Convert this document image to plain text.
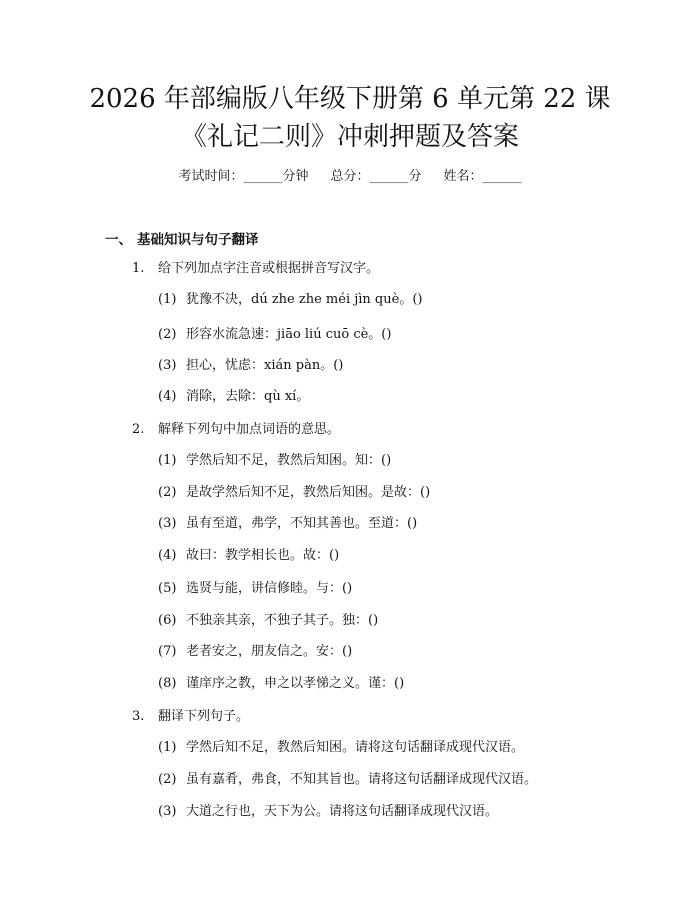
2026 年部编版八年级下册第 6 单元第 22 课
《礼记二则》冲刺押题及答案
考试时间：______分钟 总分：______分 姓名：______
一、 基础知识与句子翻译
1. 给下列加点字注音或根据拼音写汉字。
(1) 犹豫不决，dú zhe zhe méi jìn què。()
(2) 形容水流急速：jiāo liú cuō cè。()
(3) 担心，忧虑：xián pàn。()
(4) 消除，去除：qù xí。
2. 解释下列句中加点词语的意思。
(1) 学然后知不足，教然后知困。知：()
(2) 是故学然后知不足，教然后知困。是故：()
(3) 虽有至道，弗学，不知其善也。至道：()
(4) 故曰：教学相长也。故：()
(5) 选贤与能，讲信修睦。与：()
(6) 不独亲其亲，不独子其子。独：()
(7) 老者安之，朋友信之。安：()
(8) 谨庠序之教，申之以孝悌之义。谨：()
3. 翻译下列句子。
(1) 学然后知不足，教然后知困。请将这句话翻译成现代汉语。
(2) 虽有嘉肴，弗食，不知其旨也。请将这句话翻译成现代汉语。
(3) 大道之行也，天下为公。请将这句话翻译成现代汉语。
